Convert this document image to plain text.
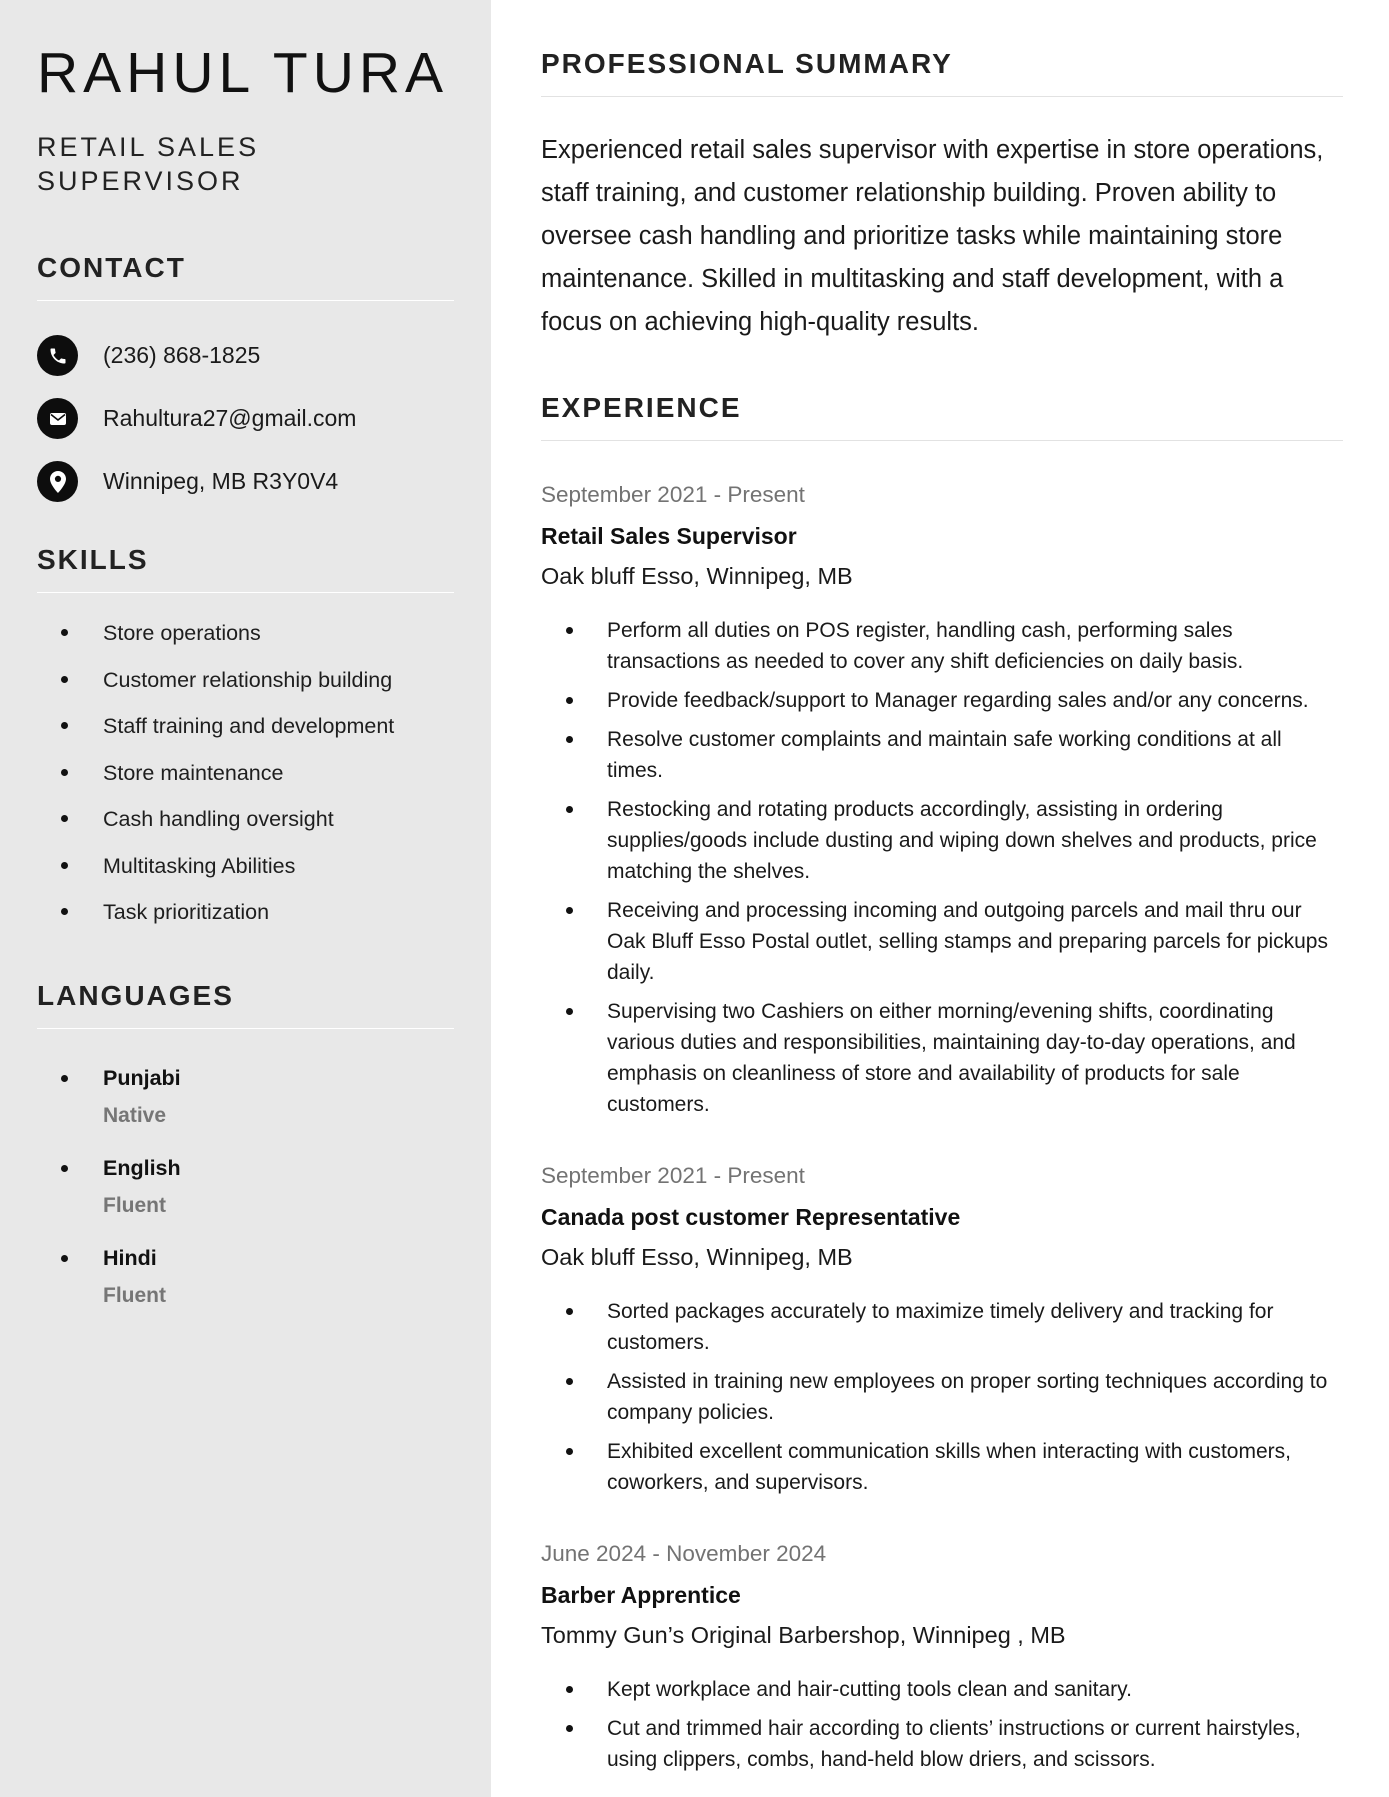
RAHUL TURA
RETAIL SALES SUPERVISOR
CONTACT
(236) 868-1825
Rahultura27@gmail.com
Winnipeg, MB R3Y0V4
SKILLS
Store operations
Customer relationship building
Staff training and development
Store maintenance
Cash handling oversight
Multitasking Abilities
Task prioritization
LANGUAGES
Punjabi
Native
English
Fluent
Hindi
Fluent
PROFESSIONAL SUMMARY

Experienced retail sales supervisor with expertise in store operations, staff training, and customer relationship building. Proven ability to oversee cash handling and prioritize tasks while maintaining store maintenance. Skilled in multitasking and staff development, with a focus on achieving high-quality results.

EXPERIENCE
September 2021 - Present
Retail Sales Supervisor
Oak bluff Esso, Winnipeg, MB
Perform all duties on POS register, handling cash, performing sales transactions as needed to cover any shift deficiencies on daily basis.
Provide feedback/support to Manager regarding sales and/or any concerns.
Resolve customer complaints and maintain safe working conditions at all times.
Restocking and rotating products accordingly, assisting in ordering supplies/goods include dusting and wiping down shelves and products, price matching the shelves.
Receiving and processing incoming and outgoing parcels and mail thru our Oak Bluff Esso Postal outlet, selling stamps and preparing parcels for pickups daily.
Supervising two Cashiers on either morning/evening shifts, coordinating various duties and responsibilities, maintaining day-to-day operations, and emphasis on cleanliness of store and availability of products for sale customers.
September 2021 - Present
Canada post customer Representative
Oak bluff Esso, Winnipeg, MB
Sorted packages accurately to maximize timely delivery and tracking for customers.
Assisted in training new employees on proper sorting techniques according to company policies.
Exhibited excellent communication skills when interacting with customers, coworkers, and supervisors.
June 2024 - November 2024
Barber Apprentice
Tommy Gun’s Original Barbershop, Winnipeg , MB
Kept workplace and hair-cutting tools clean and sanitary.
Cut and trimmed hair according to clients’ instructions or current hairstyles, using clippers, combs, hand-held blow driers, and scissors.
